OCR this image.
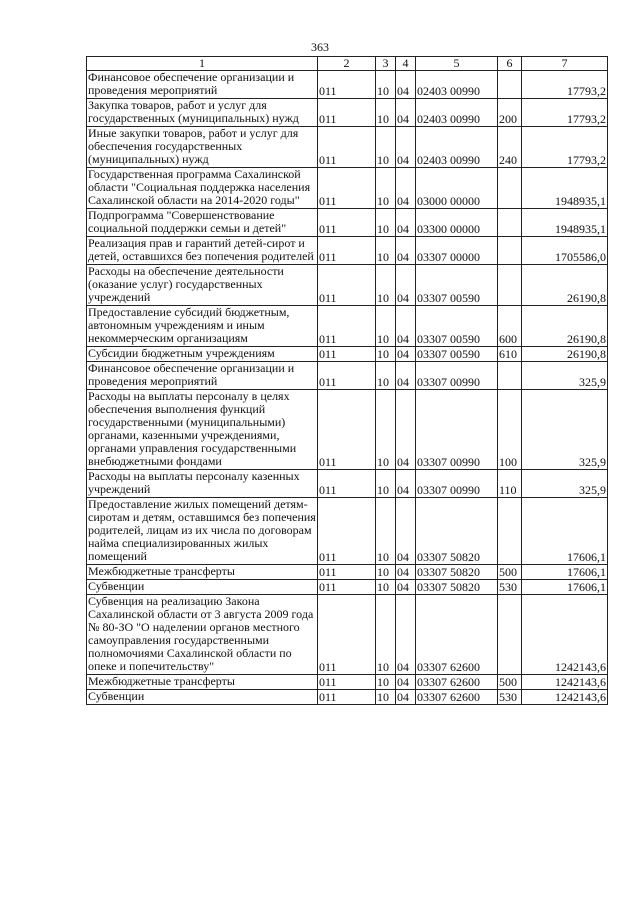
363
1	2	3	4	5	6	7
Финансовое обеспечение организации и проведения мероприятий	011	10	04	02403 00990		17793,2
Закупка товаров, работ и услуг для государственных (муниципальных) нужд	011	10	04	02403 00990	200	17793,2
Иные закупки товаров, работ и услуг для обеспечения государственных (муниципальных) нужд	011	10	04	02403 00990	240	17793,2
Государственная программа Сахалинской области "Социальная поддержка населения Сахалинской области на 2014-2020 годы"	011	10	04	03000 00000		1948935,1
Подпрограмма "Совершенствование социальной поддержки семьи и детей"	011	10	04	03300 00000		1948935,1
Реализация прав и гарантий детей-сирот и детей, оставшихся без попечения родителей	011	10	04	03307 00000		1705586,0
Расходы на обеспечение деятельности (оказание услуг) государственных учреждений	011	10	04	03307 00590		26190,8
Предоставление субсидий бюджетным, автономным учреждениям и иным некоммерческим организациям	011	10	04	03307 00590	600	26190,8
Субсидии бюджетным учреждениям	011	10	04	03307 00590	610	26190,8
Финансовое обеспечение организации и проведения мероприятий	011	10	04	03307 00990		325,9
Расходы на выплаты персоналу в целях обеспечения выполнения функций государственными (муниципальными) органами, казенными учреждениями, органами управления государственными внебюджетными фондами	011	10	04	03307 00990	100	325,9
Расходы на выплаты персоналу казенных учреждений	011	10	04	03307 00990	110	325,9
Предоставление жилых помещений детям-сиротам и детям, оставшимся без попечения родителей, лицам из их числа по договорам найма специализированных жилых помещений	011	10	04	03307 50820		17606,1
Межбюджетные трансферты	011	10	04	03307 50820	500	17606,1
Субвенции	011	10	04	03307 50820	530	17606,1
Субвенция на реализацию Закона Сахалинской области от 3 августа 2009 года № 80-ЗО "О наделении органов местного самоуправления государственными полномочиями Сахалинской области по опеке и попечительству"	011	10	04	03307 62600		1242143,6
Межбюджетные трансферты	011	10	04	03307 62600	500	1242143,6
Субвенции	011	10	04	03307 62600	530	1242143,6
